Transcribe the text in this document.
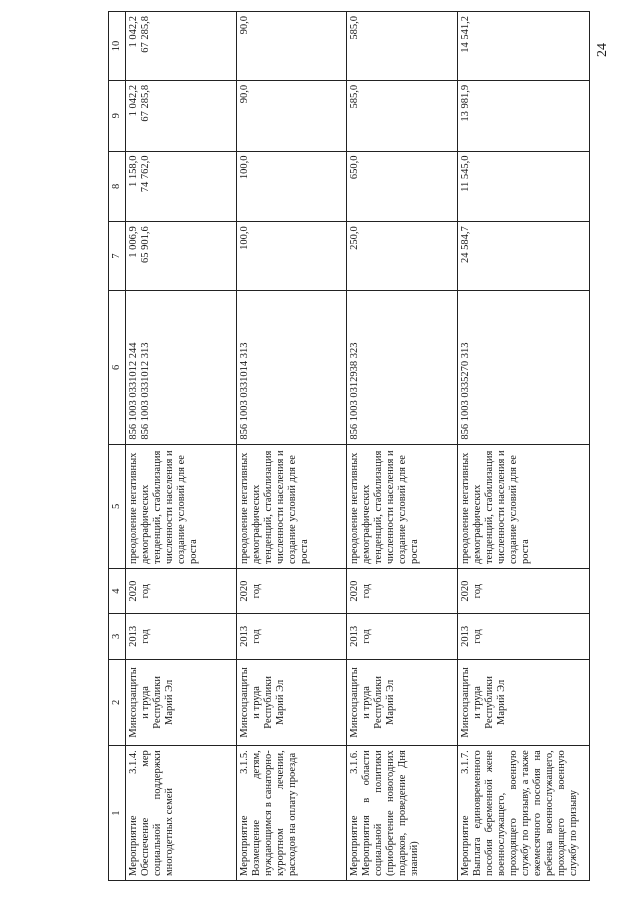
24
1	2	3	4	5	6	7	8	9	10
Мероприятие 3.1.4. Обеспечение мер социальной поддержки многодетных семей	Минсоцзащиты и труда Республики Марий Эл	2013 год	2020 год	преодоление негативных демографических тенденций, стабилизация численности населения и создание условий для ее роста	856 1003 0331012 244 856 1003 0331012 313	1 006,9 65 901,6	1 158,0 74 762,0	1 042,2 67 285,8	1 042,2 67 285,8

Мероприятие 3.1.5. Возмещение детям, нуждающимся в санаторно-курортном лечении, расходов на оплату проезда	Минсоцзащиты и труда Республики Марий Эл	2013 год	2020 год	преодоление негативных демографических тенденций, стабилизация численности населения и создание условий для ее роста	856 1003 0331014 313	100,0	100,0	90,0	90,0
Мероприятие 3.1.6. Мероприятия в области социальной политики (приобретение новогодних подарков, проведение Дня знаний)	Минсоцзащиты и труда Республики Марий Эл	2013 год	2020 год	преодоление негативных демографических тенденций, стабилизация численности населения и создание условий для ее роста	856 1003 0312938 323	250,0	650,0	585,0	585,0
Мероприятие 3.1.7. Выплата единовременного пособия беременной жене военнослужащего, проходящего военную службу по призыву, а также ежемесячного пособия на ребенка военнослужащего, проходящего военную службу по призыву	Минсоцзащиты и труда Республики Марий Эл	2013 год	2020 год	преодоление негативных демографических тенденций, стабилизация численности населения и создание условий для ее роста	856 1003 0335270 313	24 584,7	11 545,0	13 981,9	14 541,2
